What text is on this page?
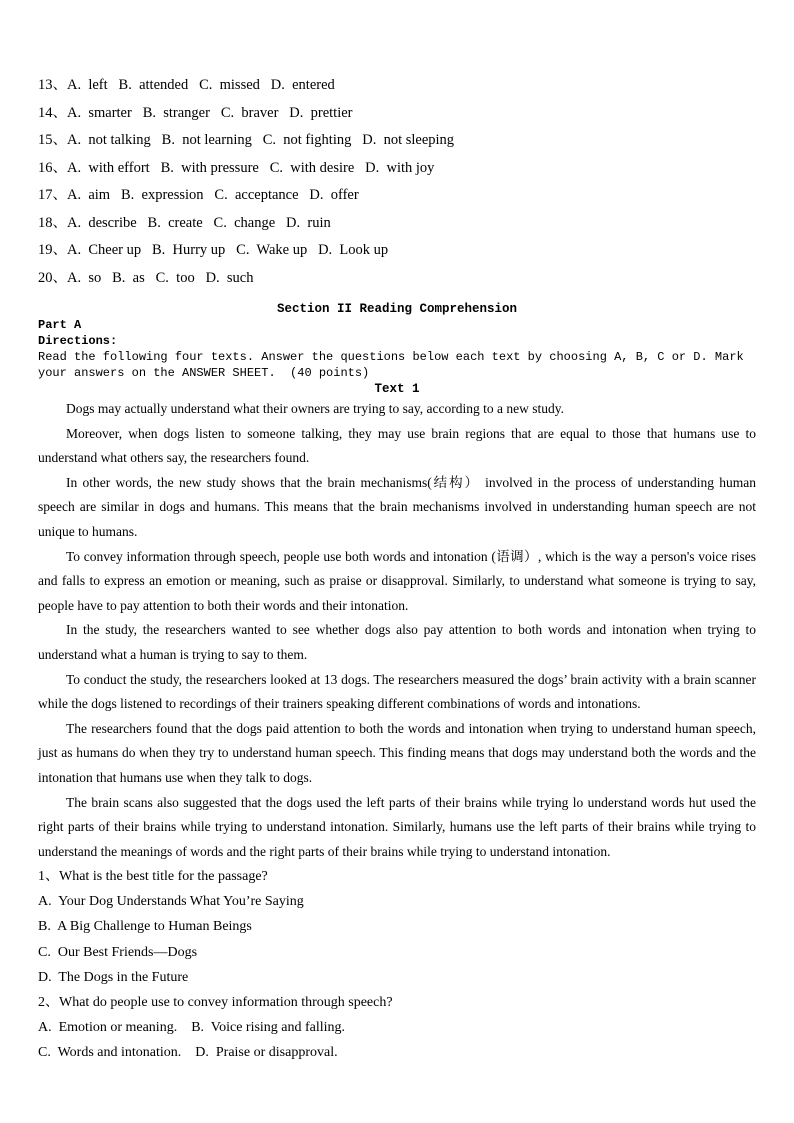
13、A.  left   B.  attended   C.  missed   D.  entered
14、A.  smarter   B.  stranger   C.  braver   D.  prettier
15、A.  not talking   B.  not learning   C.  not fighting   D.  not sleeping
16、A.  with effort   B.  with pressure   C.  with desire   D.  with joy
17、A.  aim   B.  expression   C.  acceptance   D.  offer
18、A.  describe   B.  create   C.  change   D.  ruin
19、A.  Cheer up   B.  Hurry up   C.  Wake up   D.  Look up
20、A.  so   B.  as   C.  too   D.  such
Section II Reading Comprehension
Part A
Directions:
Read the following four texts. Answer the questions below each text by choosing A, B, C or D. Mark your answers on the ANSWER SHEET.  (40 points)
Text 1

Dogs may actually understand what their owners are trying to say, according to a new study.

Moreover, when dogs listen to someone talking, they may use brain regions that are equal to those that humans use to understand what others say, the researchers found.

In other words, the new study shows that the brain mechanisms(结构） involved in the process of understanding human speech are similar in dogs and humans. This means that the brain mechanisms involved in understanding human speech are not unique to humans.

To convey information through speech, people use both words and intonation (语调）, which is the way a person's voice rises and falls to express an emotion or meaning, such as praise or disapproval. Similarly, to understand what someone is trying to say, people have to pay attention to both their words and their intonation.

In the study, the researchers wanted to see whether dogs also pay attention to both words and intonation when trying to understand what a human is trying to say to them.

To conduct the study, the researchers looked at 13 dogs. The researchers measured the dogs’ brain activity with a brain scanner while the dogs listened to recordings of their trainers speaking different combinations of words and intonations.

The researchers found that the dogs paid attention to both the words and intonation when trying to understand human speech, just as humans do when they try to understand human speech. This finding means that dogs may understand both the words and the intonation that humans use when they talk to dogs.

The brain scans also suggested that the dogs used the left parts of their brains while trying lo understand words hut used the right parts of their brains while trying to understand intonation. Similarly, humans use the left parts of their brains while trying to understand the meanings of words and the right parts of their brains while trying to understand intonation.

1、What is the best title for the passage?
A.  Your Dog Understands What You’re Saying
B.  A Big Challenge to Human Beings
C.  Our Best Friends—Dogs
D.  The Dogs in the Future
2、What do people use to convey information through speech?
A.  Emotion or meaning.    B.  Voice rising and falling.
C.  Words and intonation.    D.  Praise or disapproval.
